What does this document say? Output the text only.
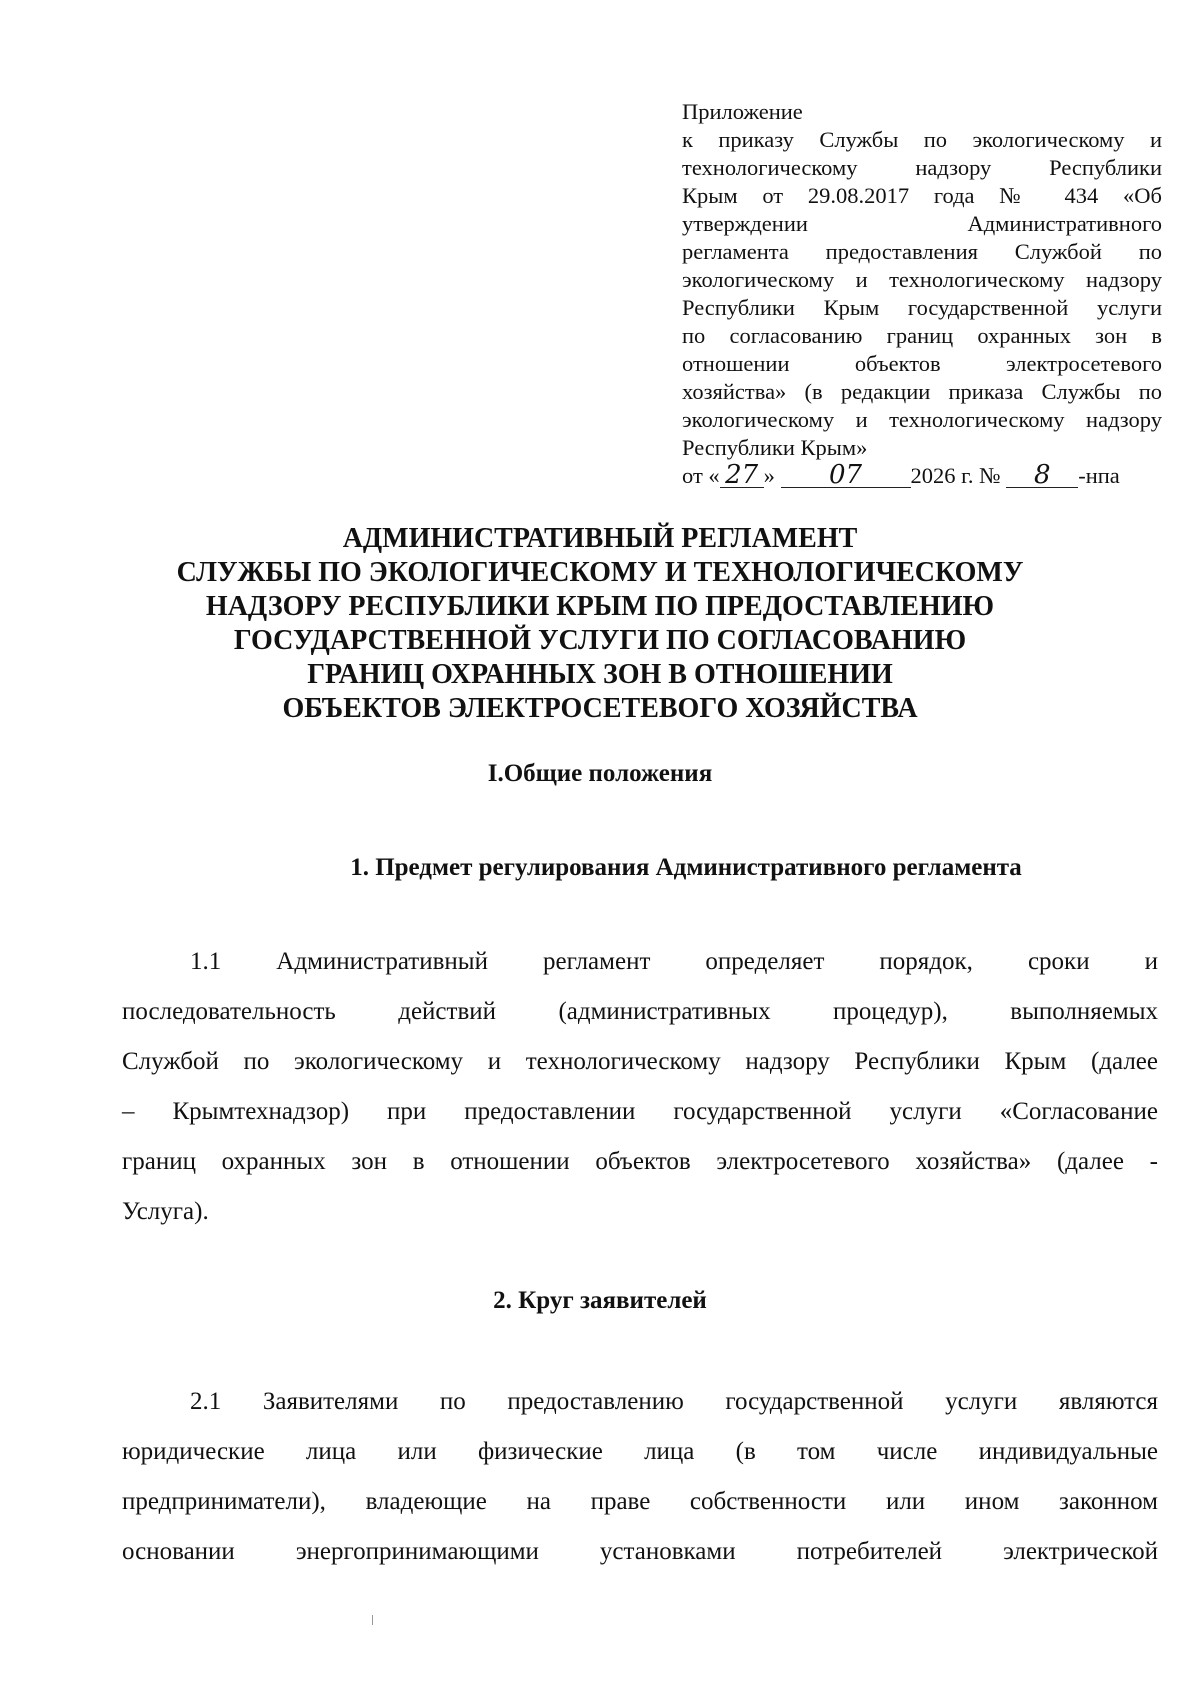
Приложение
к приказу Службы по экологическому и
технологическому надзору Республики
Крым от 29.08.2017 года № 434 «Об
утверждении Административного
регламента предоставления Службой по
экологическому и технологическому надзору
Республики Крым государственной услуги
по согласованию границ охранных зон в
отношении объектов электросетевого
хозяйства» (в редакции приказа Службы по
экологическому и технологическому надзору
Республики Крым»
от « 27 » 07 2026 г. № 8 -нпа
АДМИНИСТРАТИВНЫЙ РЕГЛАМЕНТ
СЛУЖБЫ ПО ЭКОЛОГИЧЕСКОМУ И ТЕХНОЛОГИЧЕСКОМУ
НАДЗОРУ РЕСПУБЛИКИ КРЫМ ПО ПРЕДОСТАВЛЕНИЮ
ГОСУДАРСТВЕННОЙ УСЛУГИ ПО СОГЛАСОВАНИЮ
ГРАНИЦ ОХРАННЫХ ЗОН В ОТНОШЕНИИ
ОБЪЕКТОВ ЭЛЕКТРОСЕТЕВОГО ХОЗЯЙСТВА
I.Общие положения
1. Предмет регулирования Административного регламента
1.1 Административный регламент определяет порядок, сроки и
последовательность действий (административных процедур), выполняемых
Службой по экологическому и технологическому надзору Республики Крым (далее
– Крымтехнадзор) при предоставлении государственной услуги «Согласование
границ охранных зон в отношении объектов электросетевого хозяйства» (далее -
Услуга).
2. Круг заявителей
2.1 Заявителями по предоставлению государственной услуги являются
юридические лица или физические лица (в том числе индивидуальные
предприниматели), владеющие на праве собственности или ином законном
основании энергопринимающими установками потребителей электрической
